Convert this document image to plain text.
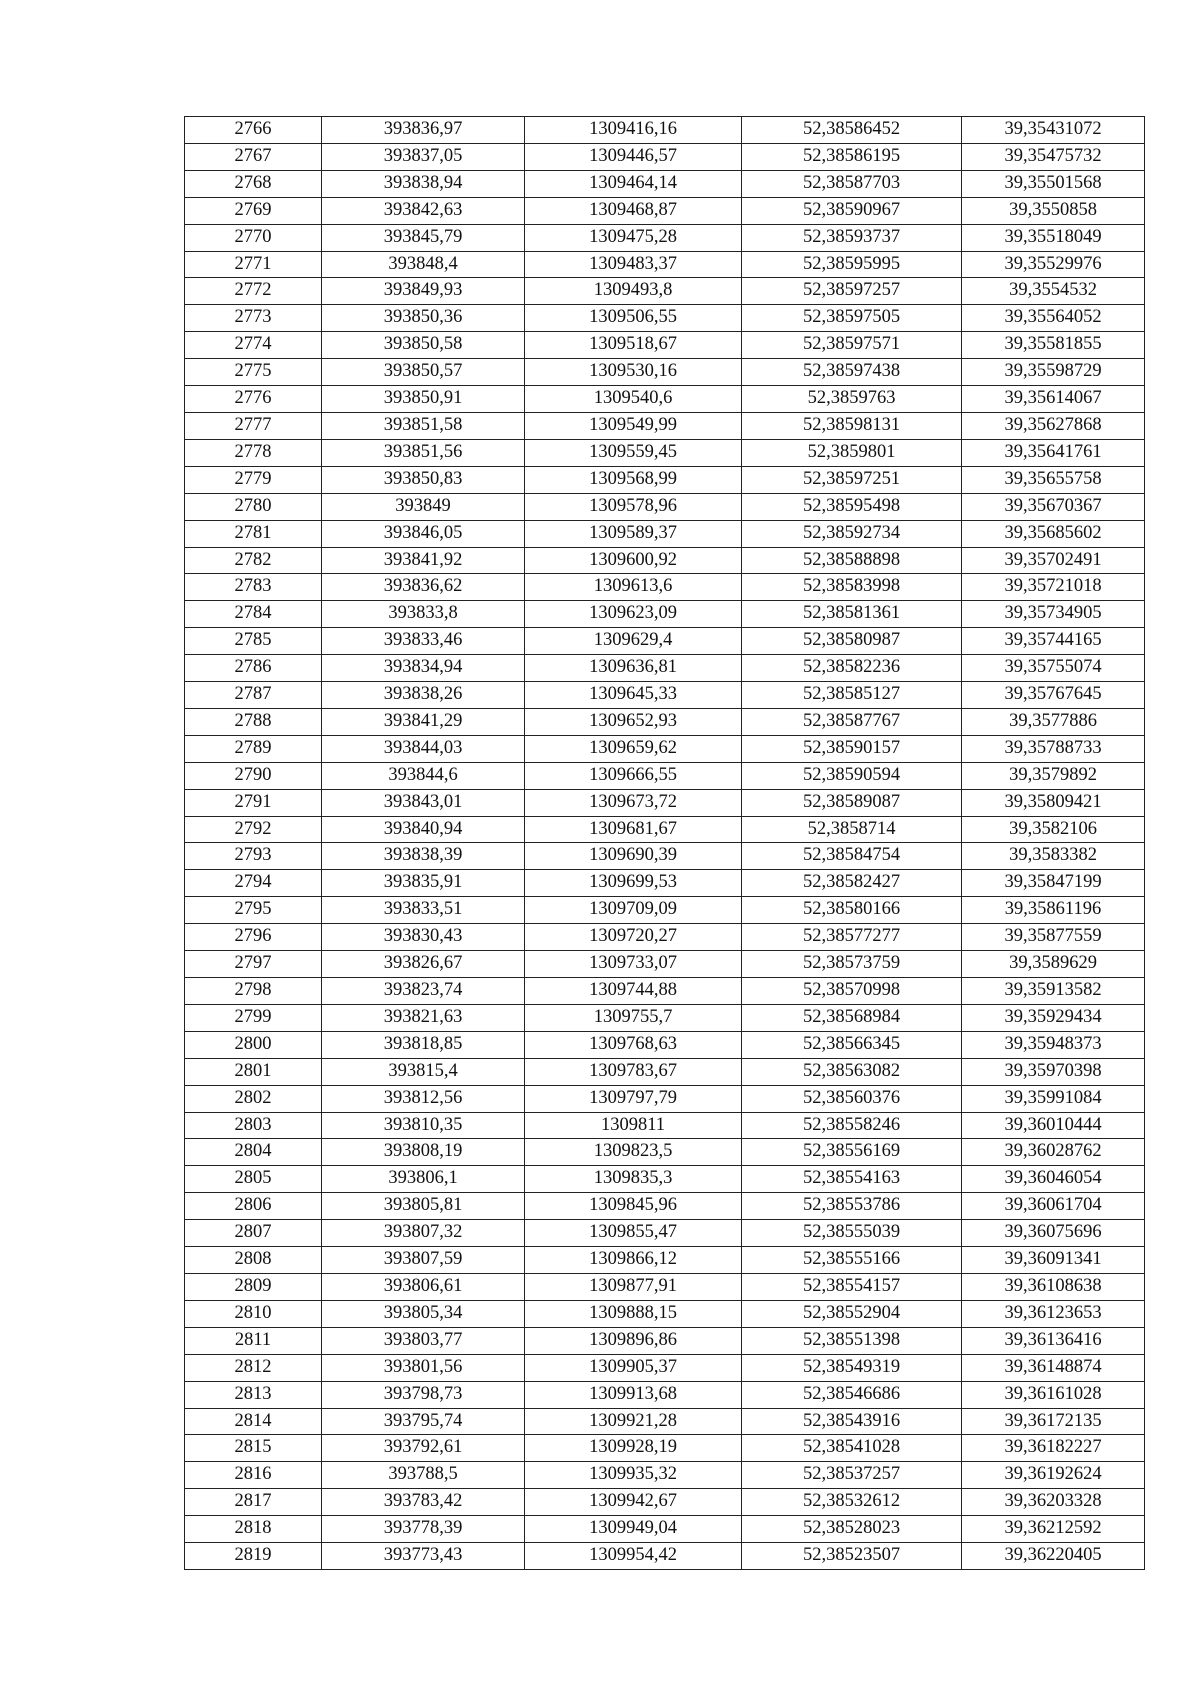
2766	393836,97	1309416,16	52,38586452	39,35431072
2767	393837,05	1309446,57	52,38586195	39,35475732
2768	393838,94	1309464,14	52,38587703	39,35501568
2769	393842,63	1309468,87	52,38590967	39,3550858
2770	393845,79	1309475,28	52,38593737	39,35518049
2771	393848,4	1309483,37	52,38595995	39,35529976
2772	393849,93	1309493,8	52,38597257	39,3554532
2773	393850,36	1309506,55	52,38597505	39,35564052
2774	393850,58	1309518,67	52,38597571	39,35581855
2775	393850,57	1309530,16	52,38597438	39,35598729
2776	393850,91	1309540,6	52,3859763	39,35614067
2777	393851,58	1309549,99	52,38598131	39,35627868
2778	393851,56	1309559,45	52,3859801	39,35641761
2779	393850,83	1309568,99	52,38597251	39,35655758
2780	393849	1309578,96	52,38595498	39,35670367
2781	393846,05	1309589,37	52,38592734	39,35685602
2782	393841,92	1309600,92	52,38588898	39,35702491
2783	393836,62	1309613,6	52,38583998	39,35721018
2784	393833,8	1309623,09	52,38581361	39,35734905
2785	393833,46	1309629,4	52,38580987	39,35744165
2786	393834,94	1309636,81	52,38582236	39,35755074
2787	393838,26	1309645,33	52,38585127	39,35767645
2788	393841,29	1309652,93	52,38587767	39,3577886
2789	393844,03	1309659,62	52,38590157	39,35788733
2790	393844,6	1309666,55	52,38590594	39,3579892
2791	393843,01	1309673,72	52,38589087	39,35809421
2792	393840,94	1309681,67	52,3858714	39,3582106
2793	393838,39	1309690,39	52,38584754	39,3583382
2794	393835,91	1309699,53	52,38582427	39,35847199
2795	393833,51	1309709,09	52,38580166	39,35861196
2796	393830,43	1309720,27	52,38577277	39,35877559
2797	393826,67	1309733,07	52,38573759	39,3589629
2798	393823,74	1309744,88	52,38570998	39,35913582
2799	393821,63	1309755,7	52,38568984	39,35929434
2800	393818,85	1309768,63	52,38566345	39,35948373
2801	393815,4	1309783,67	52,38563082	39,35970398
2802	393812,56	1309797,79	52,38560376	39,35991084
2803	393810,35	1309811	52,38558246	39,36010444
2804	393808,19	1309823,5	52,38556169	39,36028762
2805	393806,1	1309835,3	52,38554163	39,36046054
2806	393805,81	1309845,96	52,38553786	39,36061704
2807	393807,32	1309855,47	52,38555039	39,36075696
2808	393807,59	1309866,12	52,38555166	39,36091341
2809	393806,61	1309877,91	52,38554157	39,36108638
2810	393805,34	1309888,15	52,38552904	39,36123653
2811	393803,77	1309896,86	52,38551398	39,36136416
2812	393801,56	1309905,37	52,38549319	39,36148874
2813	393798,73	1309913,68	52,38546686	39,36161028
2814	393795,74	1309921,28	52,38543916	39,36172135
2815	393792,61	1309928,19	52,38541028	39,36182227
2816	393788,5	1309935,32	52,38537257	39,36192624
2817	393783,42	1309942,67	52,38532612	39,36203328
2818	393778,39	1309949,04	52,38528023	39,36212592
2819	393773,43	1309954,42	52,38523507	39,36220405
